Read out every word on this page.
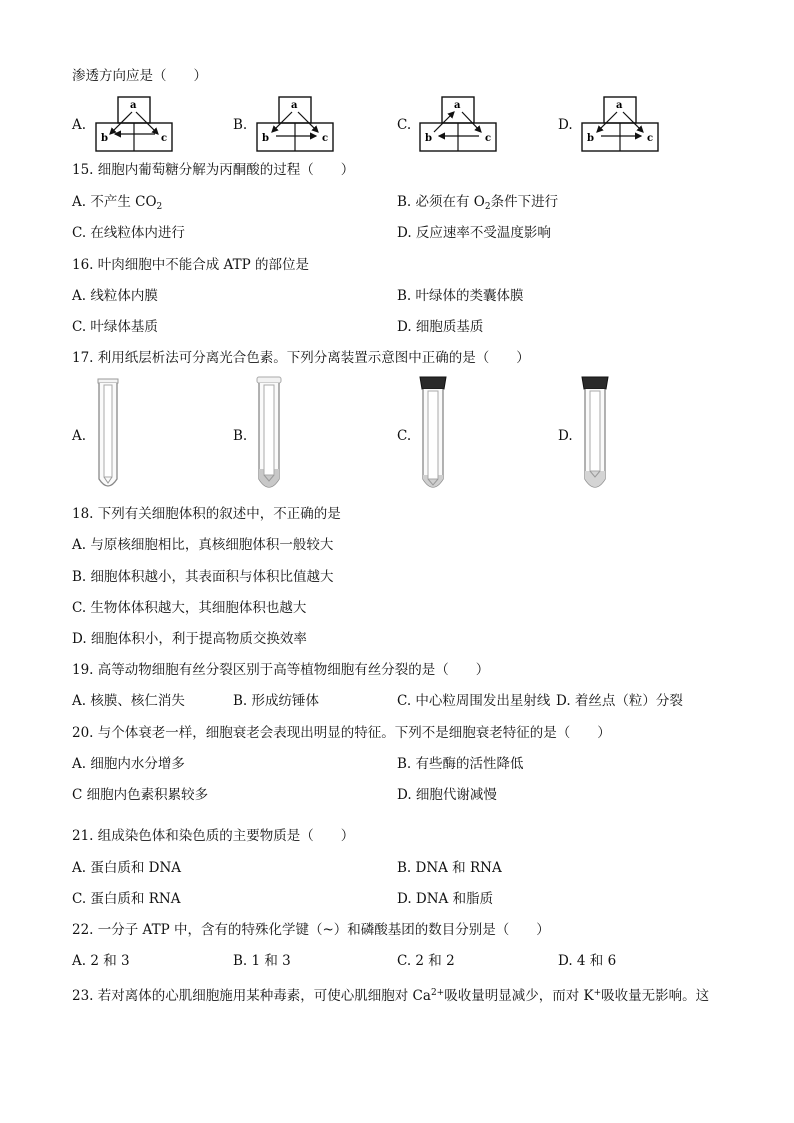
渗透方向应是（　　）
A.	B.	C.	D.
a
b	c
a
b	c
a
b	c
a
b	c
15. 细胞内葡萄糖分解为丙酮酸的过程（　　）
A. 不产生 $CO_2$	B. 必须在有 $O_2$条件下进行
C. 在线粒体内进行	D. 反应速率不受温度影响
16. 叶肉细胞中不能合成 ATP 的部位是
A. 线粒体内膜	B. 叶绿体的类囊体膜
C. 叶绿体基质	D. 细胞质基质
17. 利用纸层析法可分离光合色素。下列分离装置示意图中正确的是（　　）
A.	B.	C.	D.
18. 下列有关细胞体积的叙述中，不正确的是
A. 与原核细胞相比，真核细胞体积一般较大
B. 细胞体积越小，其表面积与体积比值越大
C. 生物体体积越大，其细胞体积也越大
D. 细胞体积小，利于提高物质交换效率
19. 高等动物细胞有丝分裂区别于高等植物细胞有丝分裂的是（　　）
A. 核膜、核仁消失	B. 形成纺锤体	C. 中心粒周围发出星射线 D. 着丝点（粒）分裂
20. 与个体衰老一样，细胞衰老会表现出明显的特征。下列不是细胞衰老特征的是（　　）
A. 细胞内水分增多	B. 有些酶的活性降低
C 细胞内色素积累较多	D. 细胞代谢减慢
21. 组成染色体和染色质的主要物质是（　　）
A. 蛋白质和 DNA	B. DNA 和 RNA
C. 蛋白质和 RNA	D. DNA 和脂质
22. 一分子 ATP 中，含有的特殊化学键（~）和磷酸基团的数目分别是（　　）
A. 2 和 3	B. 1 和 3	C. 2 和 2	D. 4 和 6
23. 若对离体的心肌细胞施用某种毒素，可使心肌细胞对 $Ca^{2+}$吸收量明显减少，而对 K+吸收量无影响。这
